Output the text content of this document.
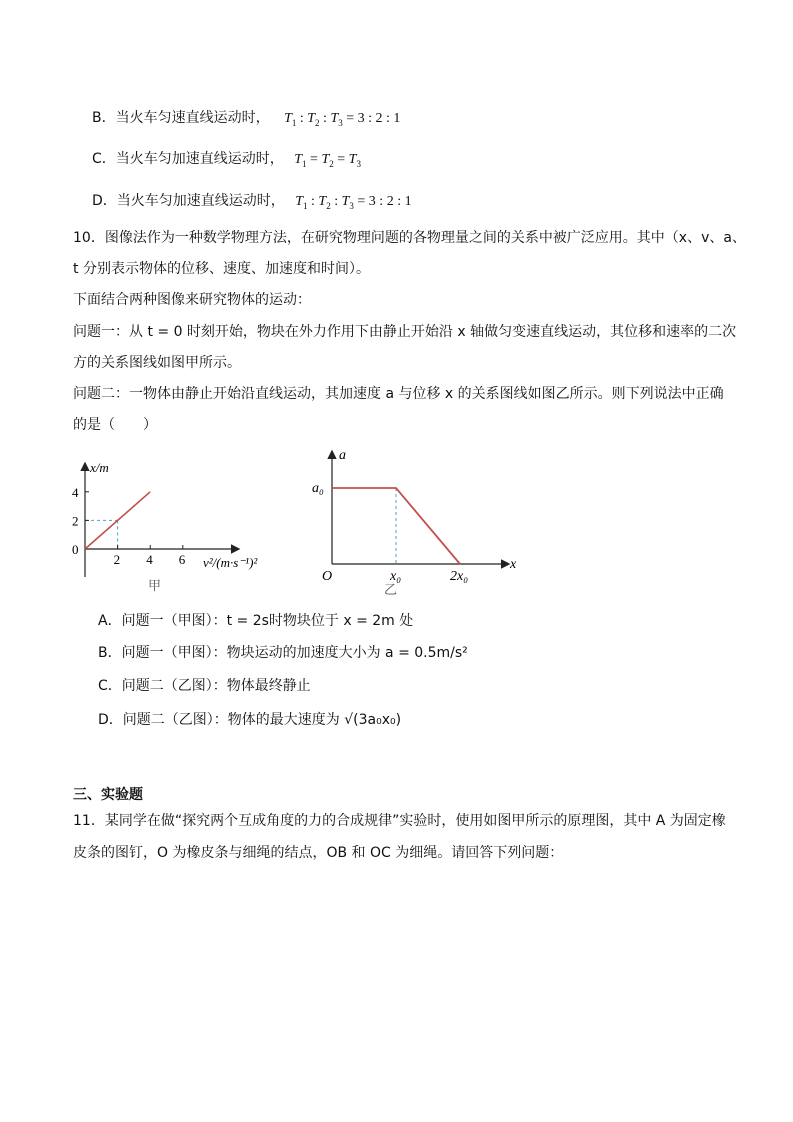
B．当火车匀速直线运动时， $T_1$ : $T_2$ : $T_3 = 3$ : 2 : 1
C．当火车匀加速直线运动时， $T_1 = T_2 = T_3$
D．当火车匀加速直线运动时， $T_1$ : $T_2$ : $T_3 = 3$ : 2 : 1
10．图像法作为一种数学物理方法，在研究物理问题的各物理量之间的关系中被广泛应用。其中（x、v、a、
t 分别表示物体的位移、速度、加速度和时间）。
下面结合两种图像来研究物体的运动：
问题一：从 t = 0 时刻开始，物块在外力作用下由静止开始沿 x 轴做匀变速直线运动，其位移和速率的二次
方的关系图线如图甲所示。
问题二：一物体由静止开始沿直线运动，其加速度 a 与位移 x 的关系图线如图乙所示。则下列说法中正确
的是（　　）
2 4 6
0
2
4
x/m
v²/(m·s⁻¹)²
甲
x₀	2x₀
a₀
a
x
O
乙
A．问题一（甲图）：t = 2s时物块位于 x = 2m 处
B．问题一（甲图）：物块运动的加速度大小为 a = 0.5m/s²
C．问题二（乙图）：物体最终静止
D．问题二（乙图）：物体的最大速度为 √(3a₀x₀)
三、实验题
11．某同学在做“探究两个互成角度的力的合成规律”实验时，使用如图甲所示的原理图，其中 A 为固定橡
皮条的图钉，O 为橡皮条与细绳的结点，OB 和 OC 为细绳。请回答下列问题：
